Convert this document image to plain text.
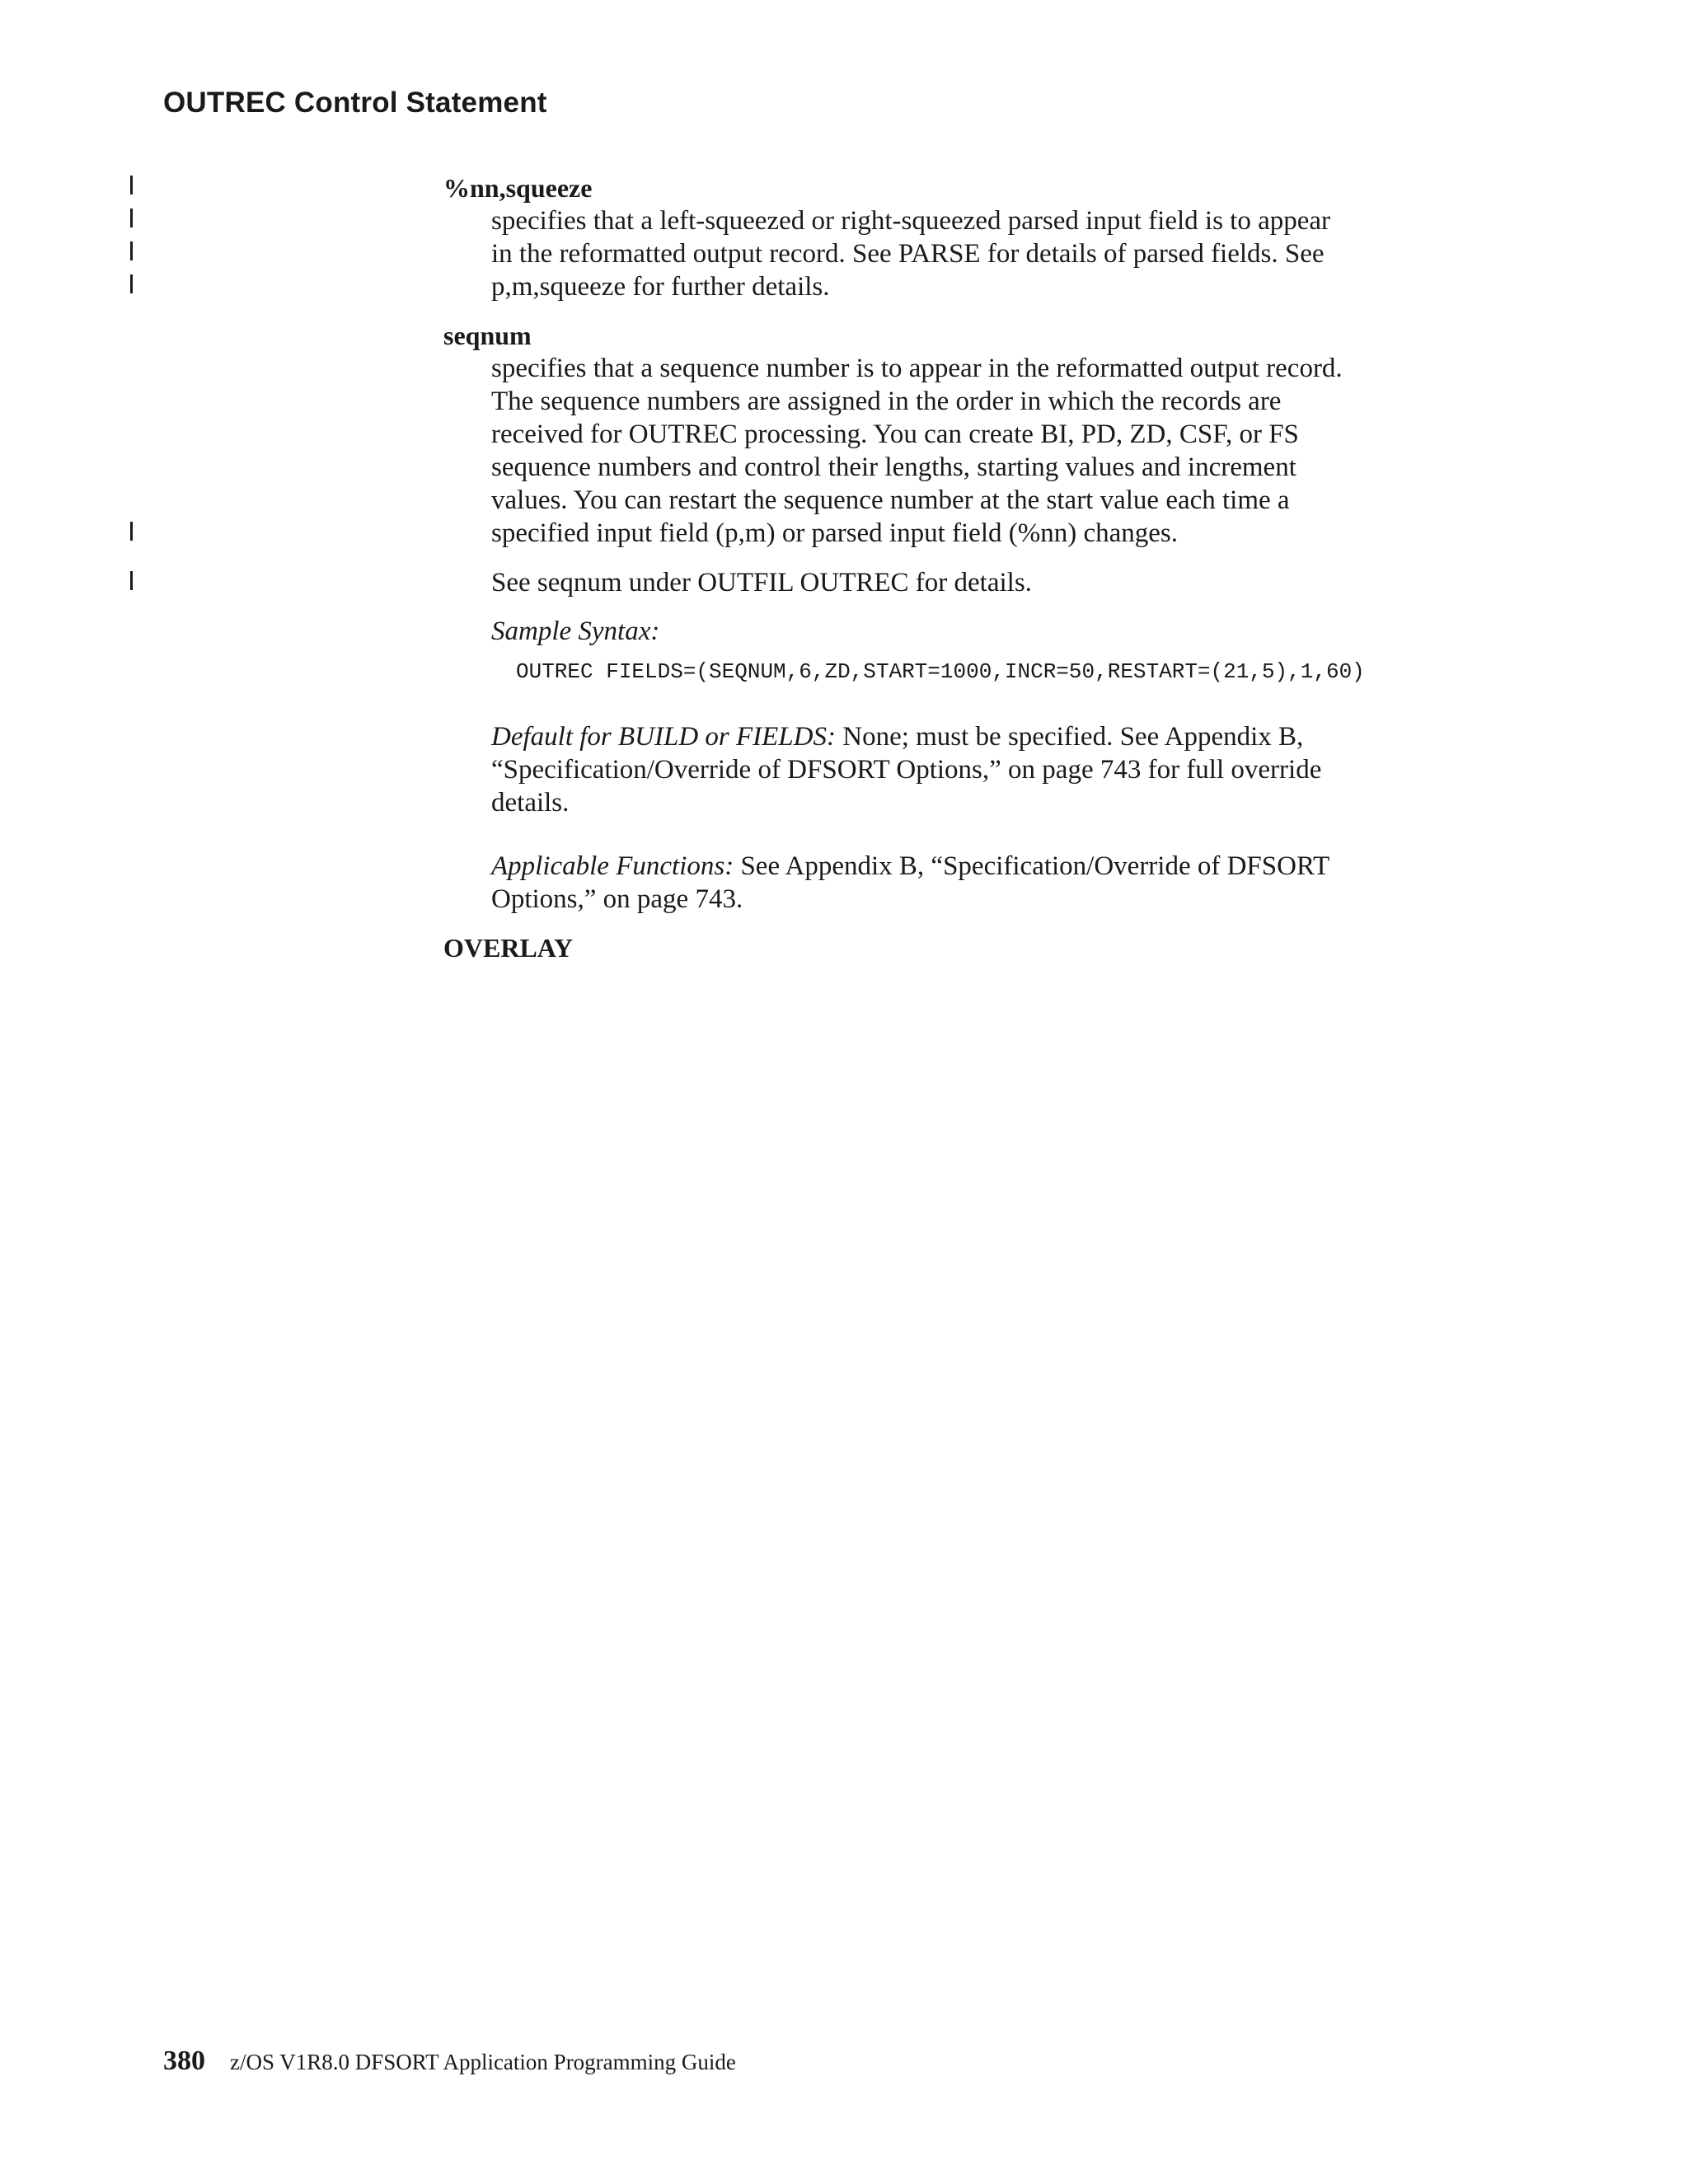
OUTREC Control Statement
%nn,squeeze
specifies that a left-squeezed or right-squeezed parsed input field is to appear
in the reformatted output record. See PARSE for details of parsed fields. See
p,m,squeeze for further details.
seqnum
specifies that a sequence number is to appear in the reformatted output record.
The sequence numbers are assigned in the order in which the records are
received for OUTREC processing. You can create BI, PD, ZD, CSF, or FS
sequence numbers and control their lengths, starting values and increment
values. You can restart the sequence number at the start value each time a
specified input field (p,m) or parsed input field (%nn) changes.
See seqnum under OUTFIL OUTREC for details.
Sample Syntax:
OUTREC FIELDS=(SEQNUM,6,ZD,START=1000,INCR=50,RESTART=(21,5),1,60)
Default for BUILD or FIELDS: None; must be specified. See Appendix B,
“Specification/Override of DFSORT Options,” on page 743 for full override
details.
Applicable Functions: See Appendix B, “Specification/Override of DFSORT
Options,” on page 743.
OVERLAY
380 z/OS V1R8.0 DFSORT Application Programming Guide
